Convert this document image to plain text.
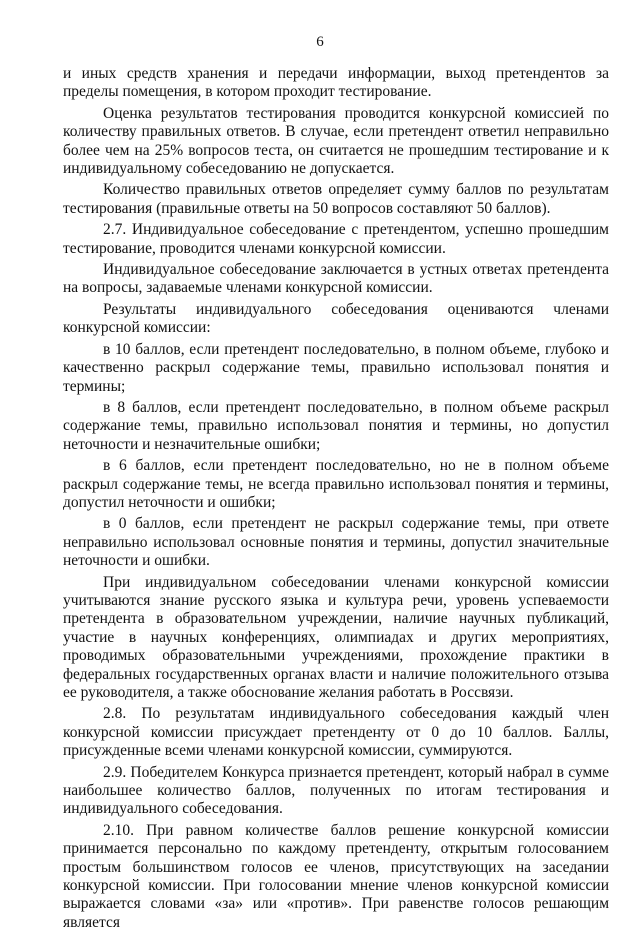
6

и иных средств хранения и передачи информации, выход претендентов за пределы помещения, в котором проходит тестирование.

Оценка результатов тестирования проводится конкурсной комиссией по количеству правильных ответов. В случае, если претендент ответил неправильно более чем на 25% вопросов теста, он считается не прошедшим тестирование и к индивидуальному собеседованию не допускается.

Количество правильных ответов определяет сумму баллов по результатам тестирования (правильные ответы на 50 вопросов составляют 50 баллов).

2.7. Индивидуальное собеседование с претендентом, успешно прошедшим тестирование, проводится членами конкурсной комиссии.

Индивидуальное собеседование заключается в устных ответах претендента на вопросы, задаваемые членами конкурсной комиссии.

Результаты индивидуального собеседования оцениваются членами конкурсной комиссии:

в 10 баллов, если претендент последовательно, в полном объеме, глубоко и качественно раскрыл содержание темы, правильно использовал понятия и термины;

в 8 баллов, если претендент последовательно, в полном объеме раскрыл содержание темы, правильно использовал понятия и термины, но допустил неточности и незначительные ошибки;

в 6 баллов, если претендент последовательно, но не в полном объеме раскрыл содержание темы, не всегда правильно использовал понятия и термины, допустил неточности и ошибки;

в 0 баллов, если претендент не раскрыл содержание темы, при ответе неправильно использовал основные понятия и термины, допустил значительные неточности и ошибки.

При индивидуальном собеседовании членами конкурсной комиссии учитываются знание русского языка и культура речи, уровень успеваемости претендента в образовательном учреждении, наличие научных публикаций, участие в научных конференциях, олимпиадах и других мероприятиях, проводимых образовательными учреждениями, прохождение практики в федеральных государственных органах власти и наличие положительного отзыва ее руководителя, а также обоснование желания работать в Россвязи.

2.8. По результатам индивидуального собеседования каждый член конкурсной комиссии присуждает претенденту от 0 до 10 баллов. Баллы, присужденные всеми членами конкурсной комиссии, суммируются.

2.9. Победителем Конкурса признается претендент, который набрал в сумме наибольшее количество баллов, полученных по итогам тестирования и индивидуального собеседования.

2.10. При равном количестве баллов решение конкурсной комиссии принимается персонально по каждому претенденту, открытым голосованием простым большинством голосов ее членов, присутствующих на заседании конкурсной комиссии. При голосовании мнение членов конкурсной комиссии выражается словами «за» или «против». При равенстве голосов решающим является
